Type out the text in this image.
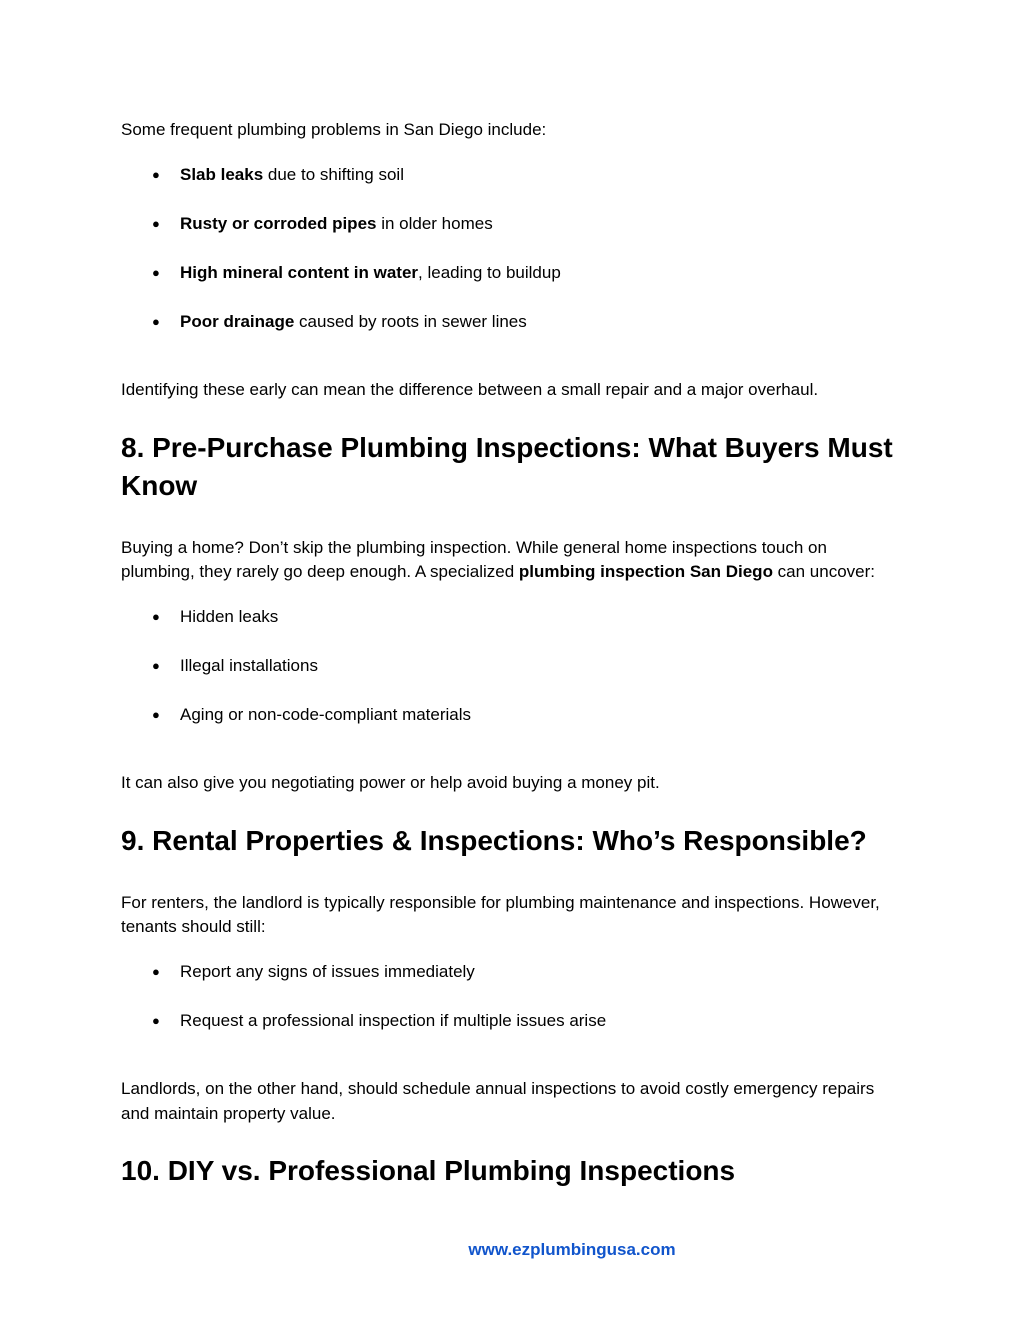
Some frequent plumbing problems in San Diego include:

● Slab leaks due to shifting soil
● Rusty or corroded pipes in older homes
● High mineral content in water, leading to buildup
● Poor drainage caused by roots in sewer lines

Identifying these early can mean the difference between a small repair and a major overhaul.

8. Pre-Purchase Plumbing Inspections: What Buyers Must Know

Buying a home? Don’t skip the plumbing inspection. While general home inspections touch on plumbing, they rarely go deep enough. A specialized plumbing inspection San Diego can uncover:

● Hidden leaks
● Illegal installations
● Aging or non-code-compliant materials

It can also give you negotiating power or help avoid buying a money pit.

9. Rental Properties & Inspections: Who’s Responsible?

For renters, the landlord is typically responsible for plumbing maintenance and inspections. However, tenants should still:

● Report any signs of issues immediately
● Request a professional inspection if multiple issues arise

Landlords, on the other hand, should schedule annual inspections to avoid costly emergency repairs and maintain property value.

10. DIY vs. Professional Plumbing Inspections
www.ezplumbingusa.com
